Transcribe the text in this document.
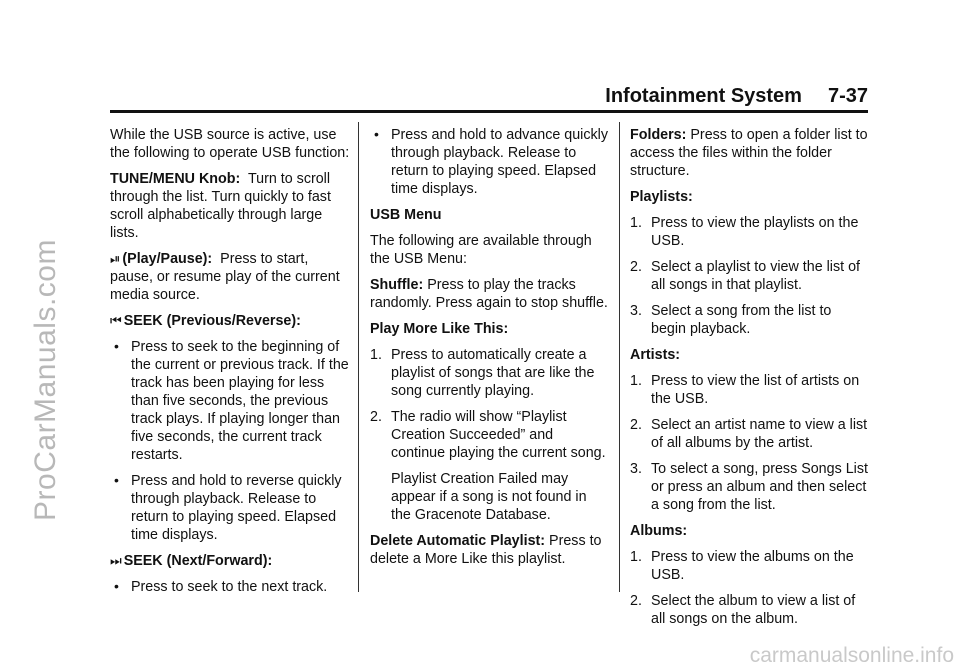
Infotainment System 7-37
ProCarManuals.com

While the USB source is active, use the following to operate USB function:

TUNE/MENU Knob: Turn to scroll through the list. Turn quickly to fast scroll alphabetically through large lists.

⏯ (Play/Pause): Press to start, pause, or resume play of the current media source.

⏮ SEEK (Previous/Reverse):

• Press to seek to the beginning of the current or previous track. If the track has been playing for less than five seconds, the previous track plays. If playing longer than five seconds, the current track restarts.
• Press and hold to reverse quickly through playback. Release to return to playing speed. Elapsed time displays.

⏭ SEEK (Next/Forward):

• Press to seek to the next track.
• Press and hold to advance quickly through playback. Release to return to playing speed. Elapsed time displays.

USB Menu

The following are available through the USB Menu:

Shuffle: Press to play the tracks randomly. Press again to stop shuffle.

Play More Like This:

1. Press to automatically create a playlist of songs that are like the song currently playing.
2. The radio will show “Playlist Creation Succeeded” and continue playing the current song.

Playlist Creation Failed may appear if a song is not found in the Gracenote Database.

Delete Automatic Playlist: Press to delete a More Like this playlist.

Folders: Press to open a folder list to access the files within the folder structure.

Playlists:

1. Press to view the playlists on the USB.
2. Select a playlist to view the list of all songs in that playlist.
3. Select a song from the list to begin playback.

Artists:

1. Press to view the list of artists on the USB.
2. Select an artist name to view a list of all albums by the artist.
3. To select a song, press Songs List or press an album and then select a song from the list.

Albums:

1. Press to view the albums on the USB.
2. Select the album to view a list of all songs on the album.
carmanualsonline.info
